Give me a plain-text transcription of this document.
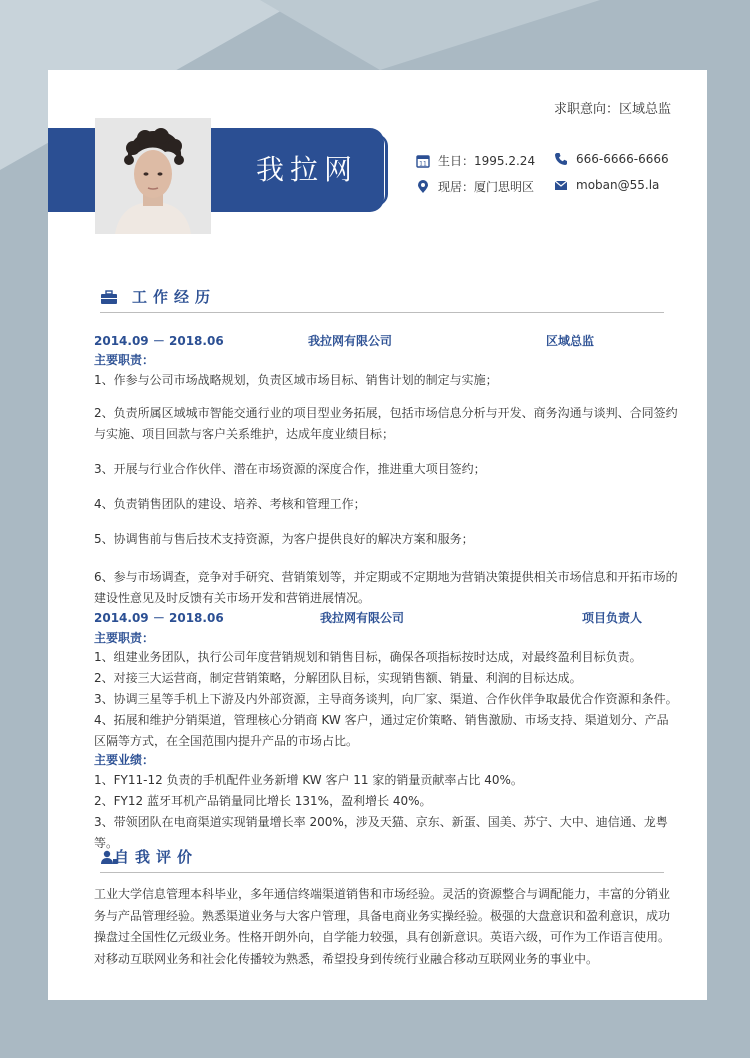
求职意向：区域总监
我拉网	11 生日：1995.2.24	666-6666-6666
现居：厦门思明区	moban@55.la
工作经历
2014.09 － 2018.06	我拉网有限公司	区域总监
主要职责：
1、作参与公司市场战略规划，负责区域市场目标、销售计划的制定与实施；
2、负责所属区域城市智能交通行业的项目型业务拓展，包括市场信息分析与开发、商务沟通与谈判、合同签约与实施、项目回款与客户关系维护，达成年度业绩目标；
3、开展与行业合作伙伴、潜在市场资源的深度合作，推进重大项目签约；
4、负责销售团队的建设、培养、考核和管理工作；
5、协调售前与售后技术支持资源，为客户提供良好的解决方案和服务；
6、参与市场调查，竞争对手研究、营销策划等，并定期或不定期地为营销决策提供相关市场信息和开拓市场的建设性意见及时反馈有关市场开发和营销进展情况。
2014.09 － 2018.06	我拉网有限公司	项目负责人
主要职责：
1、组建业务团队，执行公司年度营销规划和销售目标，确保各项指标按时达成，对最终盈利目标负责。
2、对接三大运营商，制定营销策略，分解团队目标，实现销售额、销量、利润的目标达成。
3、协调三星等手机上下游及内外部资源，主导商务谈判，向厂家、渠道、合作伙伴争取最优合作资源和条件。
4、拓展和维护分销渠道，管理核心分销商 KW 客户，通过定价策略、销售激励、市场支持、渠道划分、产品区隔等方式，在全国范围内提升产品的市场占比。
主要业绩：
1、FY11-12 负责的手机配件业务新增 KW 客户 11 家的销量贡献率占比 40%。
2、FY12 蓝牙耳机产品销量同比增长 131%，盈利增长 40%。
3、带领团队在电商渠道实现销量增长率 200%，涉及天猫、京东、新蛋、国美、苏宁、大中、迪信通、龙粤等。
自我评价
工业大学信息管理本科毕业，多年通信终端渠道销售和市场经验。灵活的资源整合与调配能力，丰富的分销业务与产品管理经验。熟悉渠道业务与大客户管理，具备电商业务实操经验。极强的大盘意识和盈利意识，成功操盘过全国性亿元级业务。性格开朗外向，自学能力较强，具有创新意识。英语六级，可作为工作语言使用。对移动互联网业务和社会化传播较为熟悉，希望投身到传统行业融合移动互联网业务的事业中。
